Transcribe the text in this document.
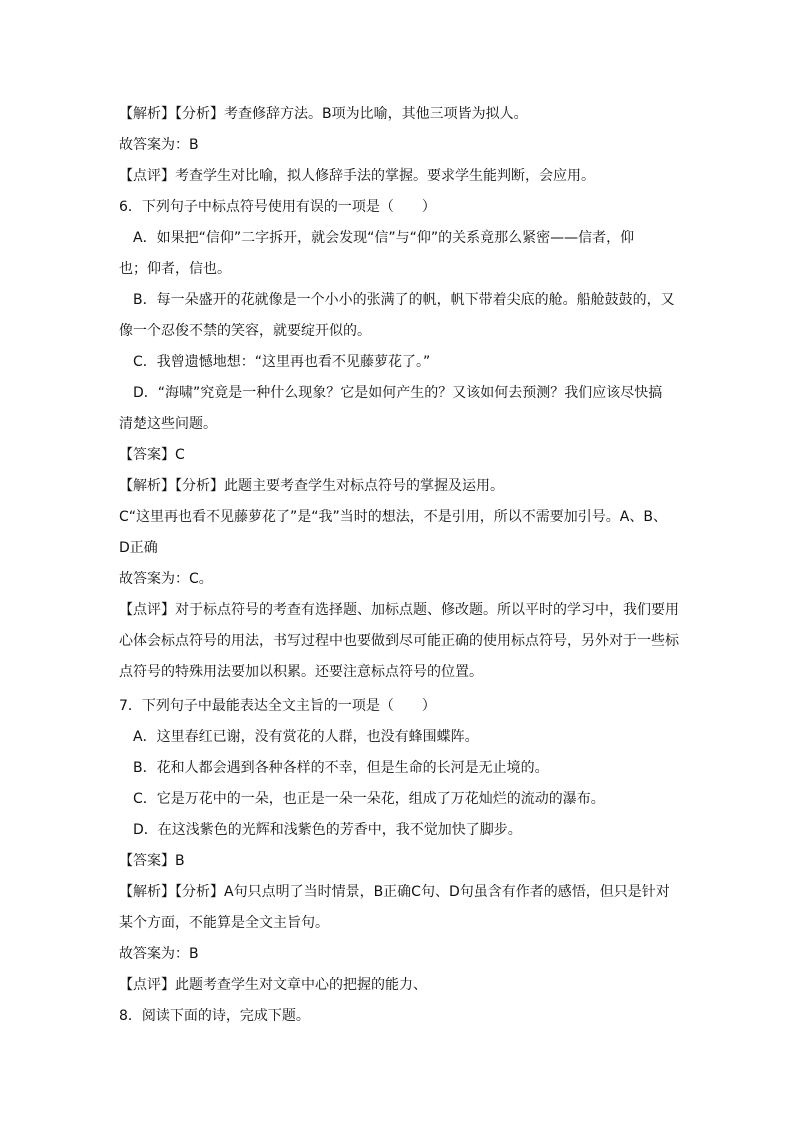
【解析】【分析】考查修辞方法。B项为比喻，其他三项皆为拟人。
故答案为：B
【点评】考查学生对比喻，拟人修辞手法的掌握。要求学生能判断，会应用。
6．下列句子中标点符号使用有误的一项是（　　）
A．如果把“信仰”二字拆开，就会发现“信”与“仰”的关系竟那么紧密——信者，仰
也；仰者，信也。
B．每一朵盛开的花就像是一个小小的张满了的帆，帆下带着尖底的舱。船舱鼓鼓的，又
像一个忍俊不禁的笑容，就要绽开似的。
C．我曾遗憾地想：“这里再也看不见藤萝花了。”
D．“海啸”究竟是一种什么现象？它是如何产生的？又该如何去预测？我们应该尽快搞
清楚这些问题。
【答案】C
【解析】【分析】此题主要考查学生对标点符号的掌握及运用。
C“这里再也看不见藤萝花了”是“我”当时的想法，不是引用，所以不需要加引号。A、B、
D正确
故答案为：C。
【点评】对于标点符号的考查有选择题、加标点题、修改题。所以平时的学习中，我们要用
心体会标点符号的用法，书写过程中也要做到尽可能正确的使用标点符号，另外对于一些标
点符号的特殊用法要加以积累。还要注意标点符号的位置。
7．下列句子中最能表达全文主旨的一项是（　　）
A．这里春红已谢，没有赏花的人群，也没有蜂围蝶阵。
B．花和人都会遇到各种各样的不幸，但是生命的长河是无止境的。
C．它是万花中的一朵，也正是一朵一朵花，组成了万花灿烂的流动的瀑布。
D．在这浅紫色的光辉和浅紫色的芳香中，我不觉加快了脚步。
【答案】B
【解析】【分析】A句只点明了当时情景，B正确C句、D句虽含有作者的感悟，但只是针对
某个方面，不能算是全文主旨句。
故答案为：B
【点评】此题考查学生对文章中心的把握的能力、
8．阅读下面的诗，完成下题。
